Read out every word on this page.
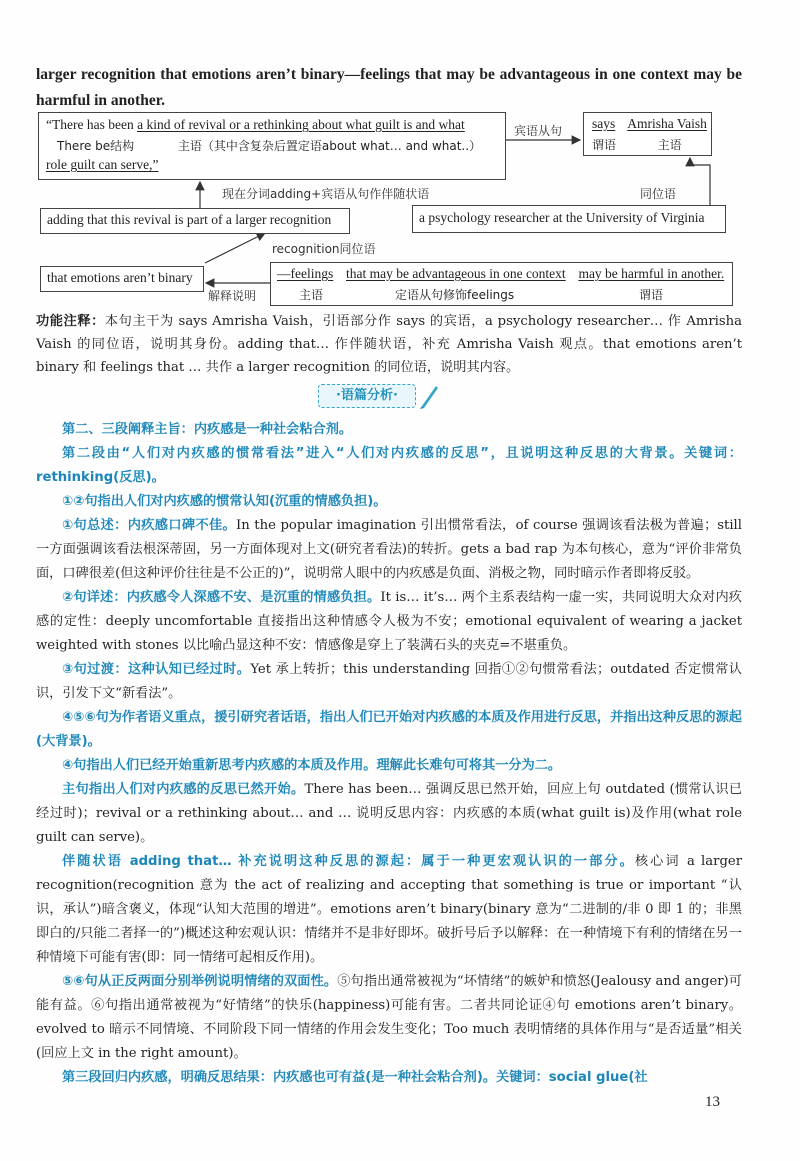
larger recognition that emotions aren’t binary—feelings that may be advantageous in one context may be harmful in another.
“There has been a kind of revival or a rethinking about what guilt is and what
There be结构	主语（其中含复杂后置定语about what… and what..）
role guilt can serve,”
宾语从句 says Amrisha Vaish
谓语	主语
现在分词adding+宾语从句作伴随状语	同位语
adding that this revival is part of a larger recognition	a psychology researcher at the University of Virginia
recognition同位语
that emotions aren’t binary
解释说明
—feelings that may be advantageous in one context may be harmful in another.
主语	定语从句修饰feelings	谓语
功能注释：本句主干为 says Amrisha Vaish，引语部分作 says 的宾语，a psychology researcher… 作 Amrisha Vaish 的同位语，说明其身份。adding that… 作伴随状语，补充 Amrisha Vaish 观点。that emotions aren’t binary 和 feelings that … 共作 a larger recognition 的同位语，说明其内容。
·语篇分析·

第二、三段阐释主旨：内疚感是一种社会粘合剂。

第二段由“人们对内疚感的惯常看法”进入“人们对内疚感的反思”，且说明这种反思的大背景。关键词：rethinking(反思)。

①②句指出人们对内疚感的惯常认知(沉重的情感负担)。

①句总述：内疚感口碑不佳。In the popular imagination 引出惯常看法，of course 强调该看法极为普遍；still 一方面强调该看法根深蒂固，另一方面体现对上文(研究者看法)的转折。gets a bad rap 为本句核心，意为“评价非常负面，口碑很差(但这种评价往往是不公正的)”，说明常人眼中的内疚感是负面、消极之物，同时暗示作者即将反驳。

②句详述：内疚感令人深感不安、是沉重的情感负担。It is… it’s… 两个主系表结构一虚一实，共同说明大众对内疚感的定性：deeply uncomfortable 直接指出这种情感令人极为不安；emotional equivalent of wearing a jacket weighted with stones 以比喻凸显这种不安：情感像是穿上了装满石头的夹克=不堪重负。

③句过渡：这种认知已经过时。Yet 承上转折；this understanding 回指①②句惯常看法；outdated 否定惯常认识，引发下文“新看法”。

④⑤⑥句为作者语义重点，援引研究者话语，指出人们已开始对内疚感的本质及作用进行反思，并指出这种反思的源起(大背景)。

④句指出人们已经开始重新思考内疚感的本质及作用。理解此长难句可将其一分为二。

主句指出人们对内疚感的反思已然开始。There has been… 强调反思已然开始，回应上句 outdated (惯常认识已经过时)；revival or a rethinking about… and … 说明反思内容：内疚感的本质(what guilt is)及作用(what role guilt can serve)。

伴随状语 adding that… 补充说明这种反思的源起：属于一种更宏观认识的一部分。核心词 a larger recognition(recognition 意为 the act of realizing and accepting that something is true or important “认识，承认”)暗含褒义，体现“认知大范围的增进”。emotions aren’t binary(binary 意为“二进制的/非 0 即 1 的；非黑即白的/只能二者择一的”)概述这种宏观认识：情绪并不是非好即坏。破折号后予以解释：在一种情境下有利的情绪在另一种情境下可能有害(即：同一情绪可起相反作用)。

⑤⑥句从正反两面分别举例说明情绪的双面性。⑤句指出通常被视为“坏情绪”的嫉妒和愤怒(Jealousy and anger)可能有益。⑥句指出通常被视为“好情绪”的快乐(happiness)可能有害。二者共同论证④句 emotions aren’t binary。evolved to 暗示不同情境、不同阶段下同一情绪的作用会发生变化；Too much 表明情绪的具体作用与“是否适量”相关(回应上文 in the right amount)。

第三段回归内疚感，明确反思结果：内疚感也可有益(是一种社会粘合剂)。关键词：social glue(社

13
